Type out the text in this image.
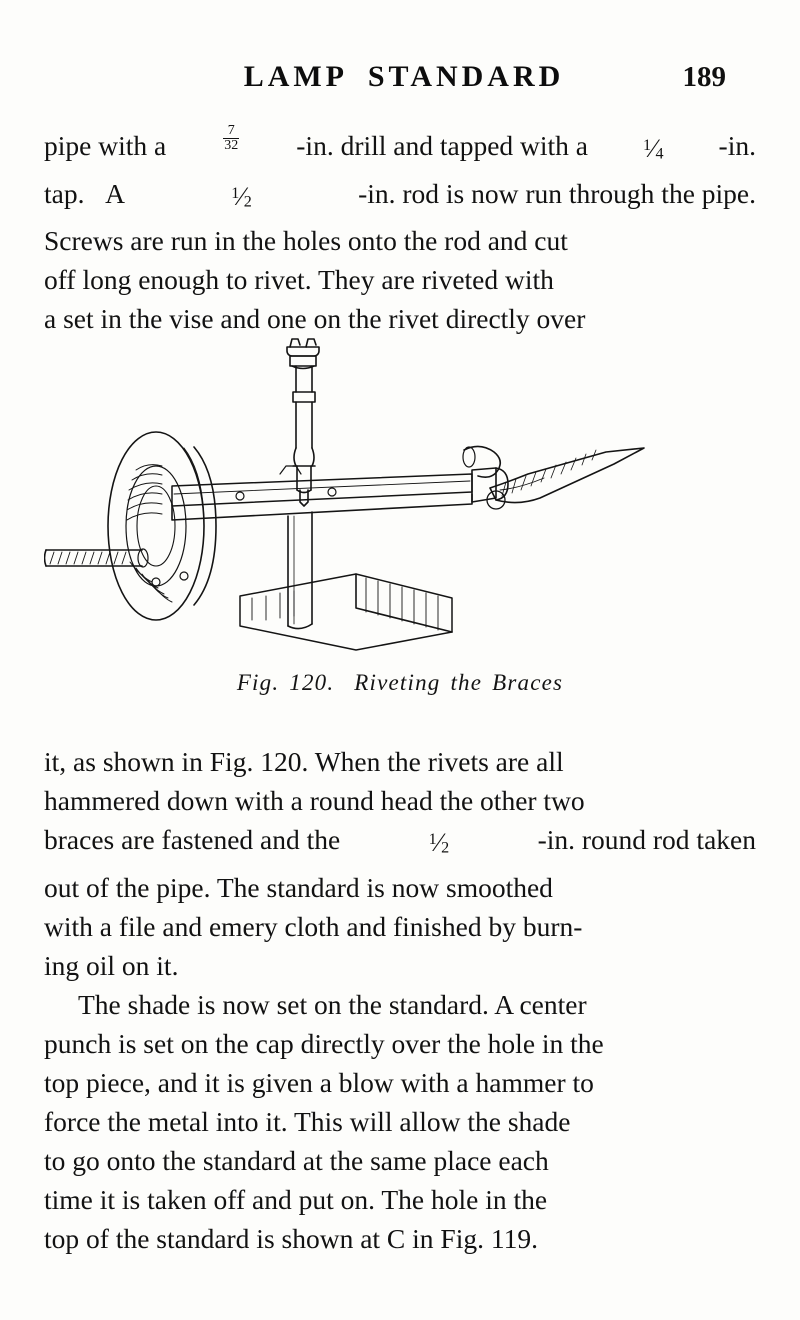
LAMP STANDARD	189

pipe with a	$\frac{7}{32} -in$. drill and tapped with a	$^1⁄_4$ -in.
tap.   A	$^1⁄_2$	-in. rod is now run through the pipe.
Screws are run in the holes onto the rod and cut
off long enough to rivet. They are riveted with
a set in the vise and one on the rivet directly over

Fig. 120. Riveting the Braces

it, as shown in Fig. 120. When the rivets are all
hammered down with a round head the other two
braces are fastened and the	$^1⁄_2$	-in. round rod taken
out of the pipe. The standard is now smoothed
with a file and emery cloth and finished by burn-
ing oil on it.

The shade is now set on the standard. A center
punch is set on the cap directly over the hole in the
top piece, and it is given a blow with a hammer to
force the metal into it. This will allow the shade
to go onto the standard at the same place each
time it is taken off and put on. The hole in the
top of the standard is shown at C in Fig. 119.
